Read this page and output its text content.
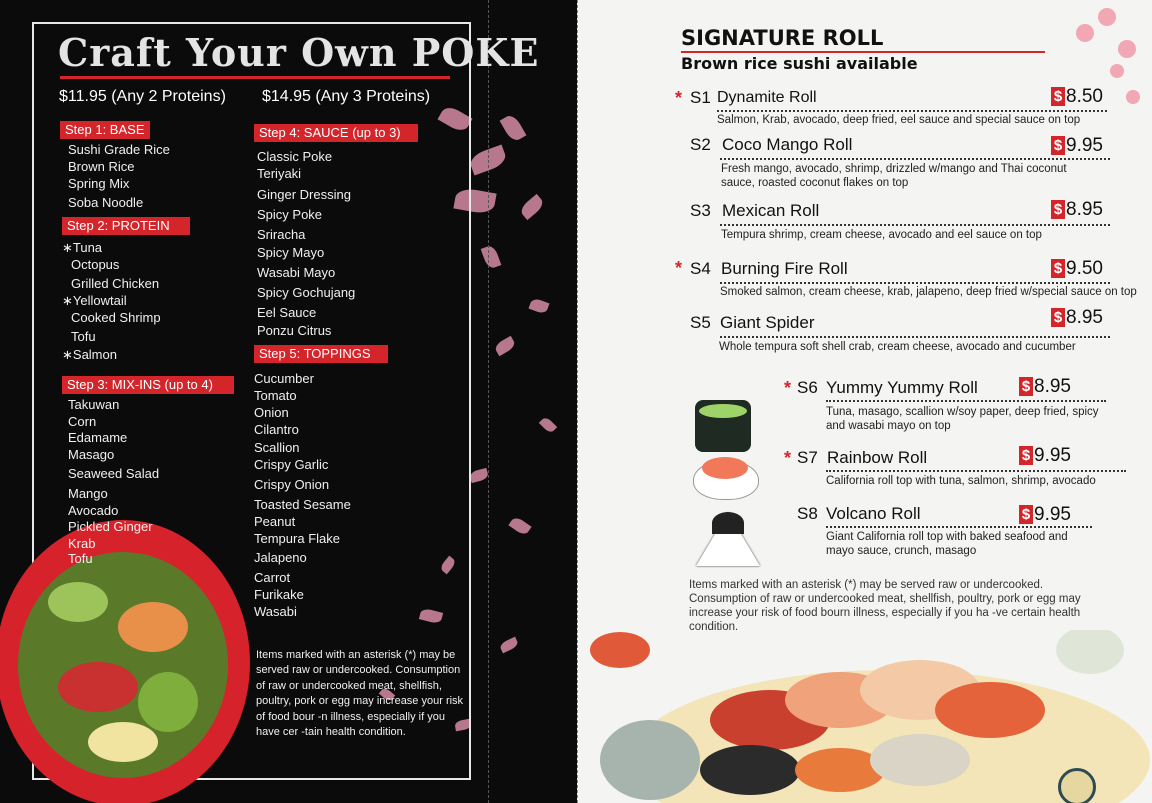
Craft Your Own POKE
$11.95 (Any 2 Proteins) $14.95 (Any 3 Proteins)
Step 1: BASE
Sushi Grade Rice
Brown Rice
Spring Mix
Soba Noodle
Step 2: PROTEIN
∗Tuna
Octopus
Grilled Chicken
∗Yellowtail
Cooked Shrimp
Tofu
∗Salmon
Step 3: MIX-INS (up to 4)
Takuwan
Corn
Edamame
Masago
Seaweed Salad
Mango
Avocado
Pickled Ginger
Krab
Tofu
Step 4: SAUCE (up to 3)
Classic Poke
Teriyaki
Ginger Dressing
Spicy Poke
Sriracha
Spicy Mayo
Wasabi Mayo
Spicy Gochujang
Eel Sauce
Ponzu Citrus
Step 5: TOPPINGS
Cucumber
Tomato
Onion
Cilantro
Scallion
Crispy Garlic
Crispy Onion
Toasted Sesame
Peanut
Tempura Flake
Jalapeno
Carrot
Furikake
Wasabi
Items marked with an asterisk (*) may be served raw or undercooked. Consumption of raw or undercooked meat, shellfish, poultry, pork or egg may increase your risk of food bour -n illness, especially if you have cer -tain health condition.
SIGNATURE ROLL
Brown rice sushi available
* S1 Dynamite Roll	$ 8.50
Salmon, Krab, avocado, deep fried, eel sauce and special sauce on top
S2 Coco Mango Roll	$ 9.95
Fresh mango, avocado, shrimp, drizzled w/mango and Thai coconut sauce, roasted coconut flakes on top
S3 Mexican Roll	$ 8.95
Tempura shrimp, cream cheese, avocado and eel sauce on top
* S4 Burning Fire Roll	$ 9.50
Smoked salmon, cream cheese, krab, jalapeno, deep fried w/special sauce on top
S5 Giant Spider	$ 8.95
Whole tempura soft shell crab, cream cheese, avocado and cucumber
* S6 Yummy Yummy Roll	$ 8.95
Tuna, masago, scallion w/soy paper, deep fried, spicy and wasabi mayo on top
* S7 Rainbow Roll	$ 9.95
California roll top with tuna, salmon, shrimp, avocado
S8 Volcano Roll	$ 9.95
Giant California roll top with baked seafood and mayo sauce, crunch, masago
Items marked with an asterisk (*) may be served raw or undercooked. Consumption of raw or undercooked meat, shellfish, poultry, pork or egg may increase your risk of food bourn illness, especially if you ha -ve certain health condition.
